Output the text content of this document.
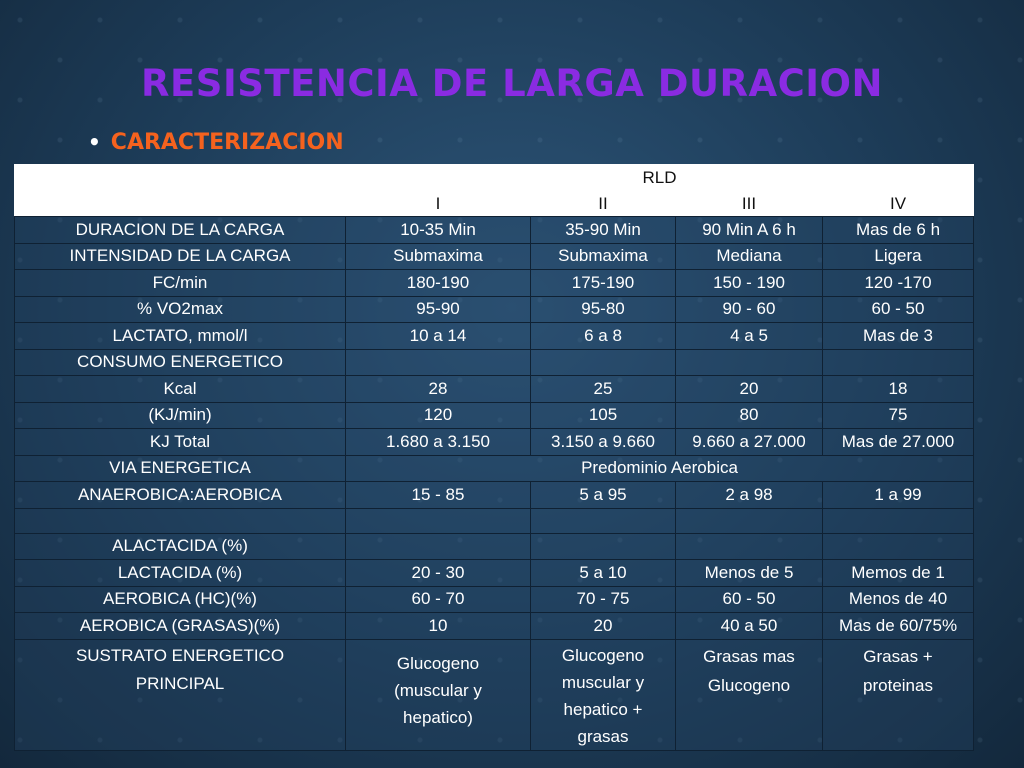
RESISTENCIA DE LARGA DURACION
• CARACTERIZACION
	RLD			
	I	II	III	IV
DURACION DE LA CARGA	10-35 Min	35-90 Min	90 Min A 6 h	Mas de 6 h
INTENSIDAD DE LA CARGA	Submaxima	Submaxima	Mediana	Ligera
FC/min	180-190	175-190	150 - 190	120 -170
% VO2max	95-90	95-80	90 - 60	60 - 50
LACTATO, mmol/l	10 a 14	6 a 8	4 a 5	Mas de 3
CONSUMO ENERGETICO				
Kcal	28	25	20	18
(KJ/min)	120	105	80	75
KJ Total	1.680 a 3.150	3.150 a 9.660	9.660 a 27.000	Mas de 27.000
VIA ENERGETICA	Predominio Aerobica			
ANAEROBICA:AEROBICA	15 - 85	5 a 95	2 a 98	1 a 99

ALACTACIDA (%)				
LACTACIDA (%)	20 - 30	5 a 10	Menos de 5	Memos de 1
AEROBICA (HC)(%)	60 - 70	70 - 75	60 - 50	Menos de 40
AEROBICA (GRASAS)(%)	10	20	40 a 50	Mas de 60/75%
SUSTRATO ENERGETICO PRINCIPAL	Glucogeno (muscular y hepatico)	Glucogeno muscular y hepatico + grasas	Grasas mas Glucogeno	Grasas + proteinas
